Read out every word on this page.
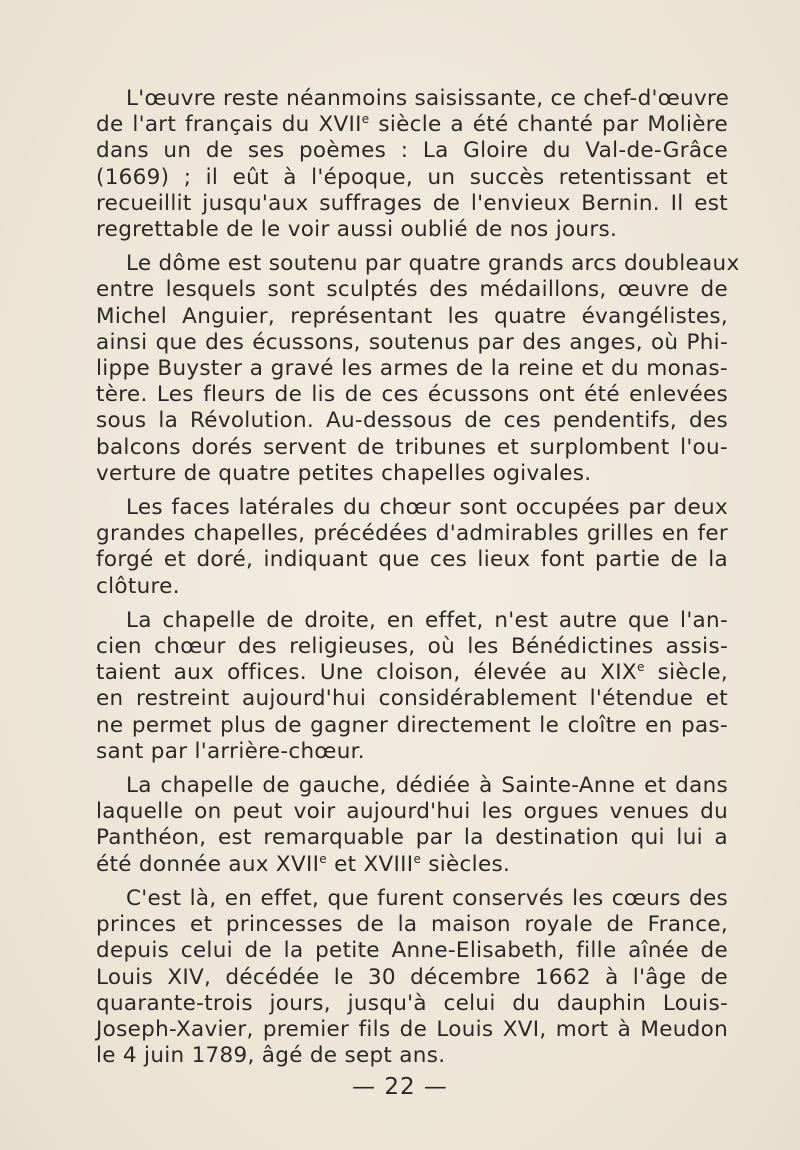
L'œuvre reste néanmoins saisissante, ce chef-d'œuvre
de l'art français du XVIIe siècle a été chanté par Molière
dans un de ses poèmes : La Gloire du Val-de-Grâce
(1669) ; il eût à l'époque, un succès retentissant et
recueillit jusqu'aux suffrages de l'envieux Bernin. Il est
regrettable de le voir aussi oublié de nos jours.

Le dôme est soutenu par quatre grands arcs doubleaux
entre lesquels sont sculptés des médaillons, œuvre de
Michel Anguier, représentant les quatre évangélistes,
ainsi que des écussons, soutenus par des anges, où Phi-
lippe Buyster a gravé les armes de la reine et du monas-
tère. Les fleurs de lis de ces écussons ont été enlevées
sous la Révolution. Au-dessous de ces pendentifs, des
balcons dorés servent de tribunes et surplombent l'ou-
verture de quatre petites chapelles ogivales.

Les faces latérales du chœur sont occupées par deux
grandes chapelles, précédées d'admirables grilles en fer
forgé et doré, indiquant que ces lieux font partie de la
clôture.

La chapelle de droite, en effet, n'est autre que l'an-
cien chœur des religieuses, où les Bénédictines assis-
taient aux offices. Une cloison, élevée au XIXe siècle,
en restreint aujourd'hui considérablement l'étendue et
ne permet plus de gagner directement le cloître en pas-
sant par l'arrière-chœur.

La chapelle de gauche, dédiée à Sainte-Anne et dans
laquelle on peut voir aujourd'hui les orgues venues du
Panthéon, est remarquable par la destination qui lui a
été donnée aux XVIIe et XVIIIe siècles.

C'est là, en effet, que furent conservés les cœurs des
princes et princesses de la maison royale de France,
depuis celui de la petite Anne-Elisabeth, fille aînée de
Louis XIV, décédée le 30 décembre 1662 à l'âge de
quarante-trois jours, jusqu'à celui du dauphin Louis-
Joseph-Xavier, premier fils de Louis XVI, mort à Meudon
le 4 juin 1789, âgé de sept ans.

— 22 —
